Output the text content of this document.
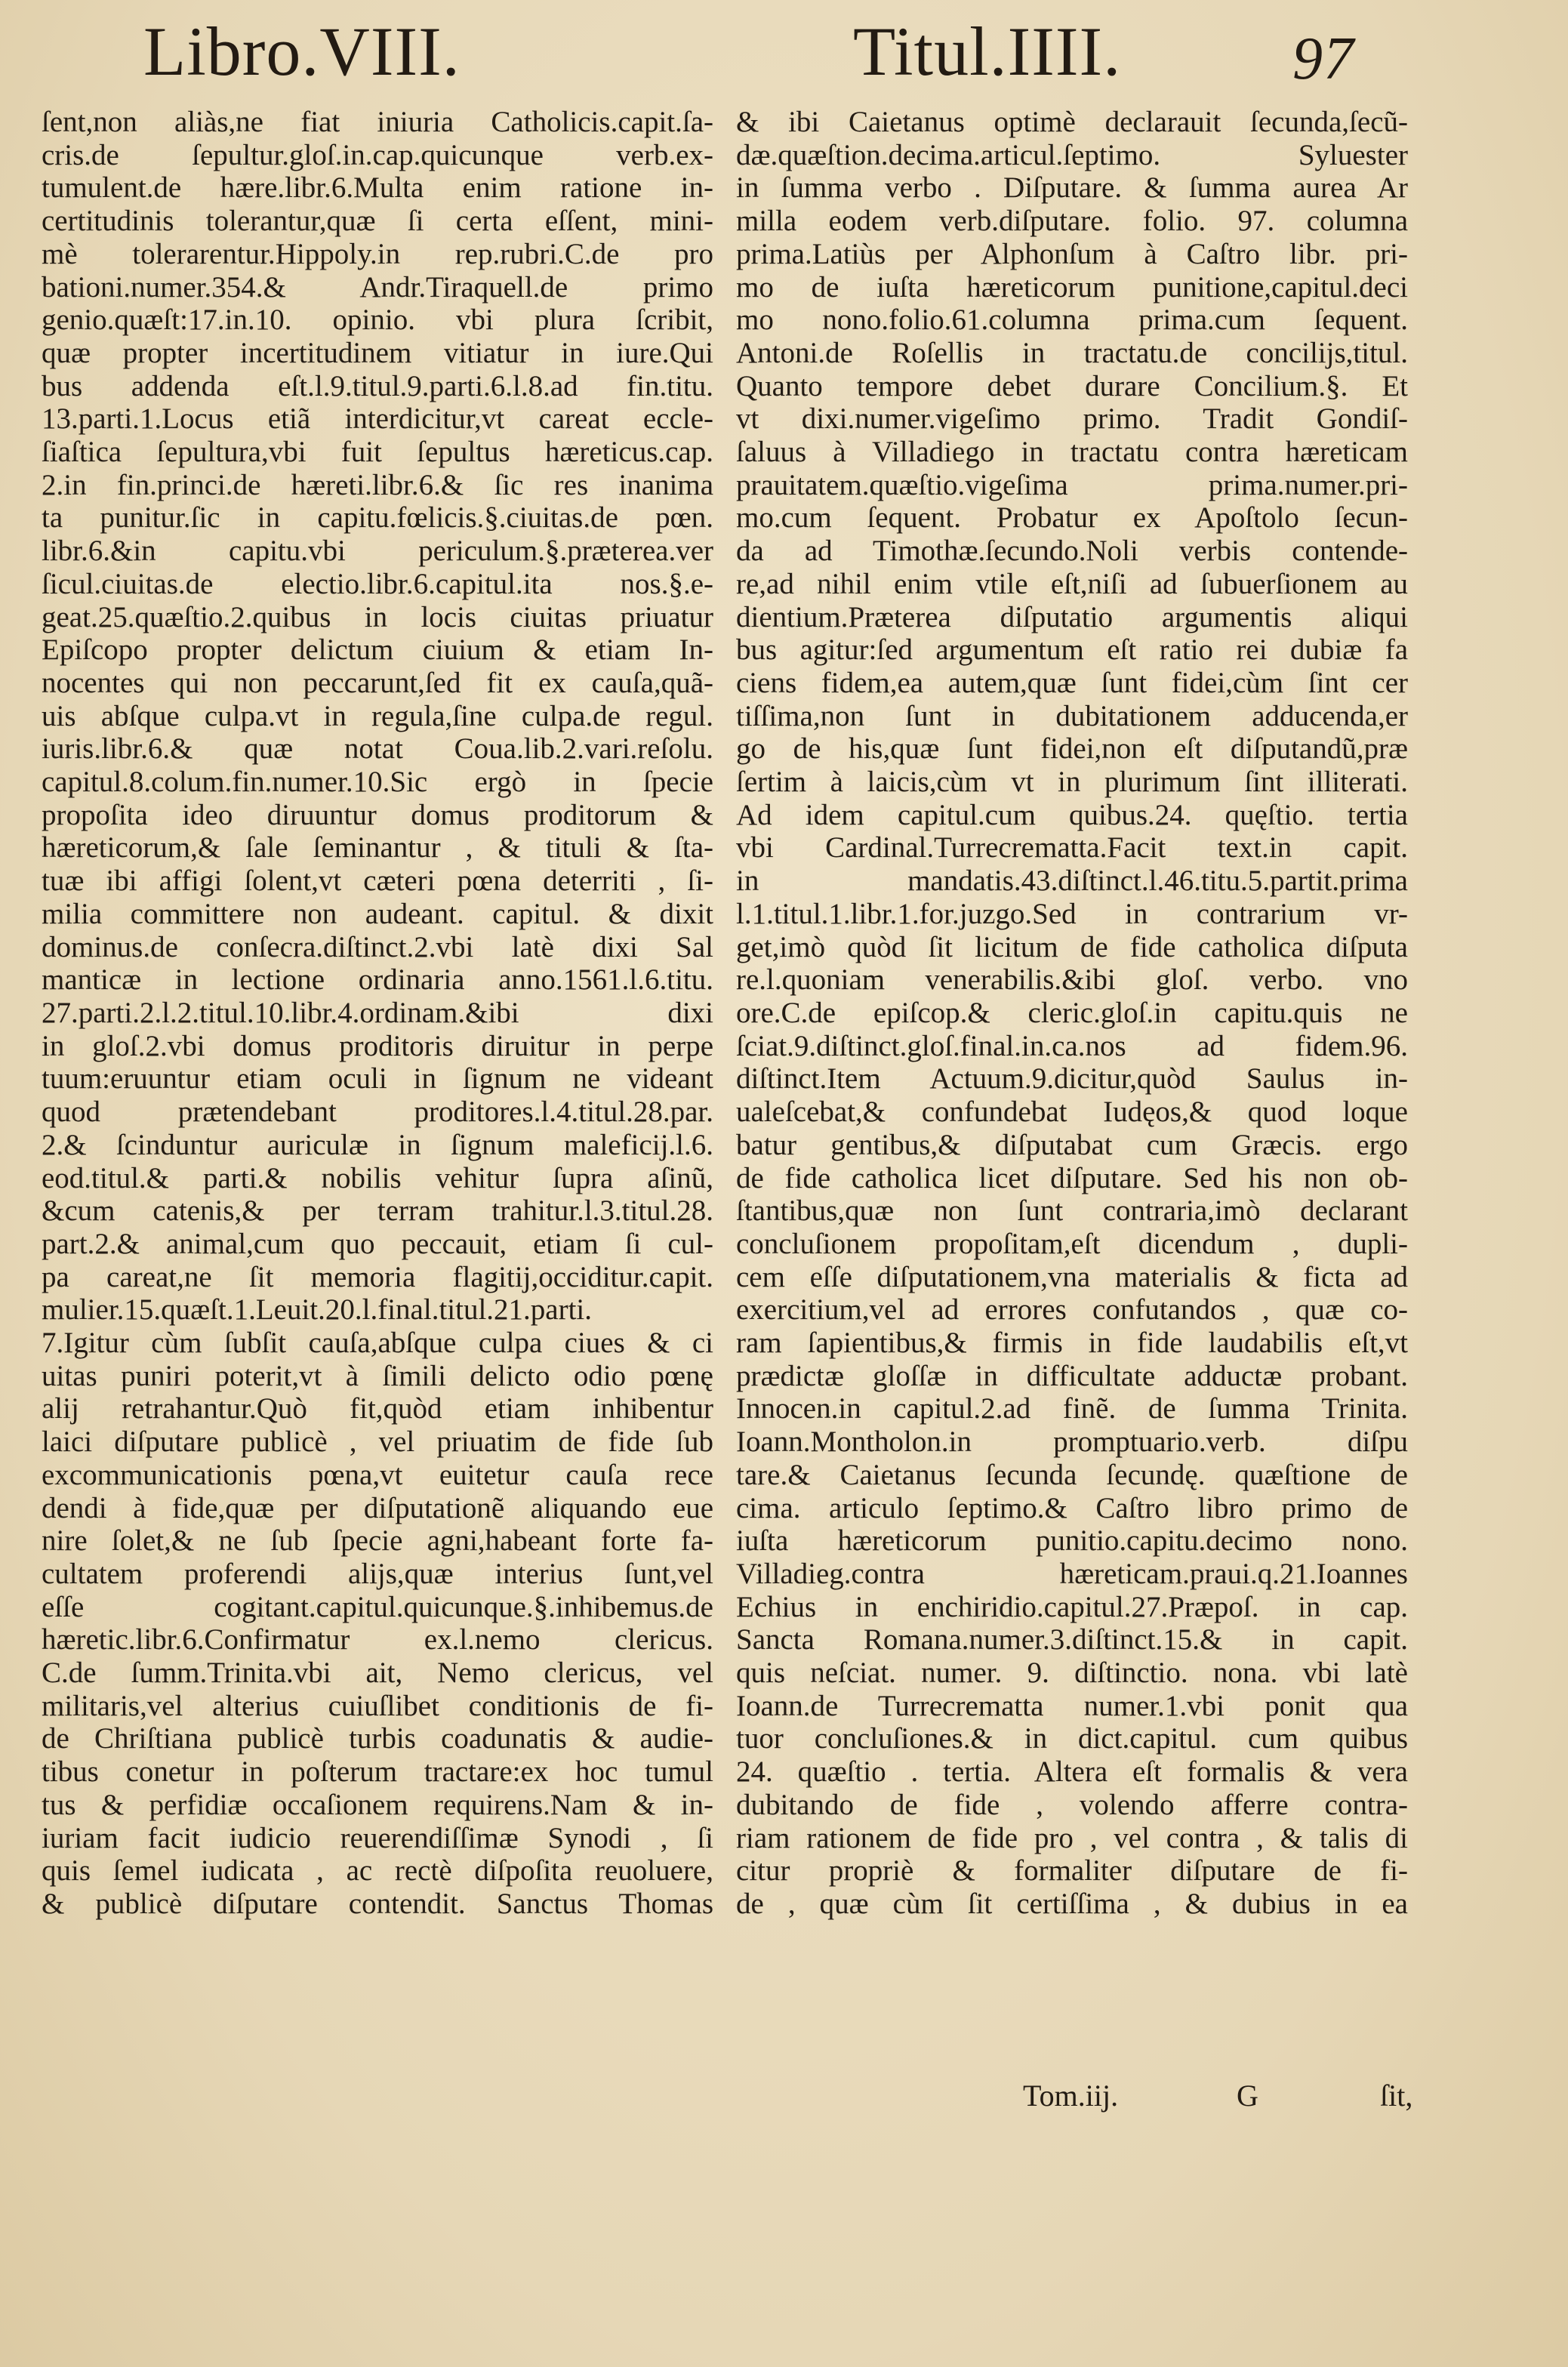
Libro.VIII.	Titul.IIII.	97
ſent,non aliàs,ne fiat iniuria Catholicis.capit.ſa-
cris.de ſepultur.gloſ.in.cap.quicunque verb.ex-
tumulent.de hære.libr.6.Multa enim ratione in-
certitudinis tolerantur,quæ ſi certa eſſent, mini-
mè tolerarentur.Hippoly.in rep.rubri.C.de pro
bationi.numer.354.& Andr.Tiraquell.de primo
genio.quæſt:17.in.10. opinio. vbi plura ſcribit,
quæ propter incertitudinem vitiatur in iure.Qui
bus addenda eſt.l.9.titul.9.parti.6.l.8.ad fin.titu.
13.parti.1.Locus etiã interdicitur,vt careat eccle-
ſiaſtica ſepultura,vbi fuit ſepultus hæreticus.cap.
2.in fin.princi.de hæreti.libr.6.& ſic res inanima
ta punitur.ſic in capitu.fœlicis.§.ciuitas.de pœn.
libr.6.&in capitu.vbi periculum.§.præterea.ver
ſicul.ciuitas.de electio.libr.6.capitul.ita nos.§.e-
geat.25.quæſtio.2.quibus in locis ciuitas priuatur
Epiſcopo propter delictum ciuium & etiam In-
nocentes qui non peccarunt,ſed fit ex cauſa,quã-
uis abſque culpa.vt in regula,ſine culpa.de regul.
iuris.libr.6.& quæ notat Coua.lib.2.vari.reſolu.
capitul.8.colum.fin.numer.10.Sic ergò in ſpecie
propoſita ideo diruuntur domus proditorum &
hæreticorum,& ſale ſeminantur , & tituli & ſta-
tuæ ibi affigi ſolent,vt cæteri pœna deterriti , ſi-
milia committere non audeant. capitul. & dixit
dominus.de conſecra.diſtinct.2.vbi latè dixi Sal
manticæ in lectione ordinaria anno.1561.l.6.titu.
27.parti.2.l.2.titul.10.libr.4.ordinam.&ibi dixi
in gloſ.2.vbi domus proditoris diruitur in perpe
tuum:eruuntur etiam oculi in ſignum ne videant
quod prætendebant proditores.l.4.titul.28.par.
2.& ſcinduntur auriculæ in ſignum maleficij.l.6.
eod.titul.& parti.& nobilis vehitur ſupra aſinũ,
&cum catenis,& per terram trahitur.l.3.titul.28.
part.2.& animal,cum quo peccauit, etiam ſi cul-
pa careat,ne ſit memoria flagitij,occiditur.capit.
mulier.15.quæſt.1.Leuit.20.l.final.titul.21.parti.
7.Igitur cùm ſubſit cauſa,abſque culpa ciues & ci
uitas puniri poterit,vt à ſimili delicto odio pœnę
alij retrahantur.Quò fit,quòd etiam inhibentur
laici diſputare publicè , vel priuatim de fide ſub
excommunicationis pœna,vt euitetur cauſa rece
dendi à fide,quæ per diſputationẽ aliquando eue
nire ſolet,& ne ſub ſpecie agni,habeant forte fa-
cultatem proferendi alijs,quæ interius ſunt,vel
eſſe cogitant.capitul.quicunque.§.inhibemus.de
hæretic.libr.6.Confirmatur ex.l.nemo clericus.
C.de ſumm.Trinita.vbi ait, Nemo clericus, vel
militaris,vel alterius cuiuſlibet conditionis de fi-
de Chriſtiana publicè turbis coadunatis & audie-
tibus conetur in poſterum tractare:ex hoc tumul
tus & perfidiæ occaſionem requirens.Nam & in-
iuriam facit iudicio reuerendiſſimæ Synodi , ſi
quis ſemel iudicata , ac rectè diſpoſita reuoluere,
& publicè diſputare contendit. Sanctus Thomas
& ibi Caietanus optimè declarauit ſecunda,ſecũ-
dæ.quæſtion.decima.articul.ſeptimo. Syluester
in ſumma verbo . Diſputare. & ſumma aurea Ar
milla eodem verb.diſputare. folio. 97. columna
prima.Latiùs per Alphonſum à Caſtro libr. pri-
mo de iuſta hæreticorum punitione,capitul.deci
mo nono.folio.61.columna prima.cum ſequent.
Antoni.de Roſellis in tractatu.de concilijs,titul.
Quanto tempore debet durare Concilium.§. Et
vt dixi.numer.vigeſimo primo. Tradit Gondiſ-
ſaluus à Villadiego in tractatu contra hæreticam
prauitatem.quæſtio.vigeſima prima.numer.pri-
mo.cum ſequent. Probatur ex Apoſtolo ſecun-
da ad Timothæ.ſecundo.Noli verbis contende-
re,ad nihil enim vtile eſt,niſi ad ſubuerſionem au
dientium.Præterea diſputatio argumentis aliqui
bus agitur:ſed argumentum eſt ratio rei dubiæ fa
ciens fidem,ea autem,quæ ſunt fidei,cùm ſint cer
tiſſima,non ſunt in dubitationem adducenda,er
go de his,quæ ſunt fidei,non eſt diſputandũ,præ
ſertim à laicis,cùm vt in plurimum ſint illiterati.
Ad idem capitul.cum quibus.24. quęſtio. tertia
vbi Cardinal.Turrecrematta.Facit text.in capit.
in mandatis.43.diſtinct.l.46.titu.5.partit.prima
l.1.titul.1.libr.1.for.juzgo.Sed in contrarium vr-
get,imò quòd ſit licitum de fide catholica diſputa
re.l.quoniam venerabilis.&ibi gloſ. verbo. vno
ore.C.de epiſcop.& cleric.gloſ.in capitu.quis ne
ſciat.9.diſtinct.gloſ.final.in.ca.nos ad fidem.96.
diſtinct.Item Actuum.9.dicitur,quòd Saulus in-
ualeſcebat,& confundebat Iudęos,& quod loque
batur gentibus,& diſputabat cum Græcis. ergo
de fide catholica licet diſputare. Sed his non ob-
ſtantibus,quæ non ſunt contraria,imò declarant
concluſionem propoſitam,eſt dicendum , dupli-
cem eſſe diſputationem,vna materialis & ficta ad
exercitium,vel ad errores confutandos , quæ co-
ram ſapientibus,& firmis in fide laudabilis eſt,vt
prædictæ gloſſæ in difficultate adductæ probant.
Innocen.in capitul.2.ad finẽ. de ſumma Trinita.
Ioann.Montholon.in promptuario.verb. diſpu
tare.& Caietanus ſecunda ſecundę. quæſtione de
cima. articulo ſeptimo.& Caſtro libro primo de
iuſta hæreticorum punitio.capitu.decimo nono.
Villadieg.contra hæreticam.praui.q.21.Ioannes
Echius in enchiridio.capitul.27.Præpoſ. in cap.
Sancta Romana.numer.3.diſtinct.15.& in capit.
quis neſciat. numer. 9. diſtinctio. nona. vbi latè
Ioann.de Turrecrematta numer.1.vbi ponit qua
tuor concluſiones.& in dict.capitul. cum quibus
24. quæſtio . tertia. Altera eſt formalis & vera
dubitando de fide , volendo afferre contra-
riam rationem de fide pro , vel contra , & talis di
citur propriè & formaliter diſputare de fi-
de , quæ cùm ſit certiſſima , & dubius in ea
Tom.iij.	G	ſit,
